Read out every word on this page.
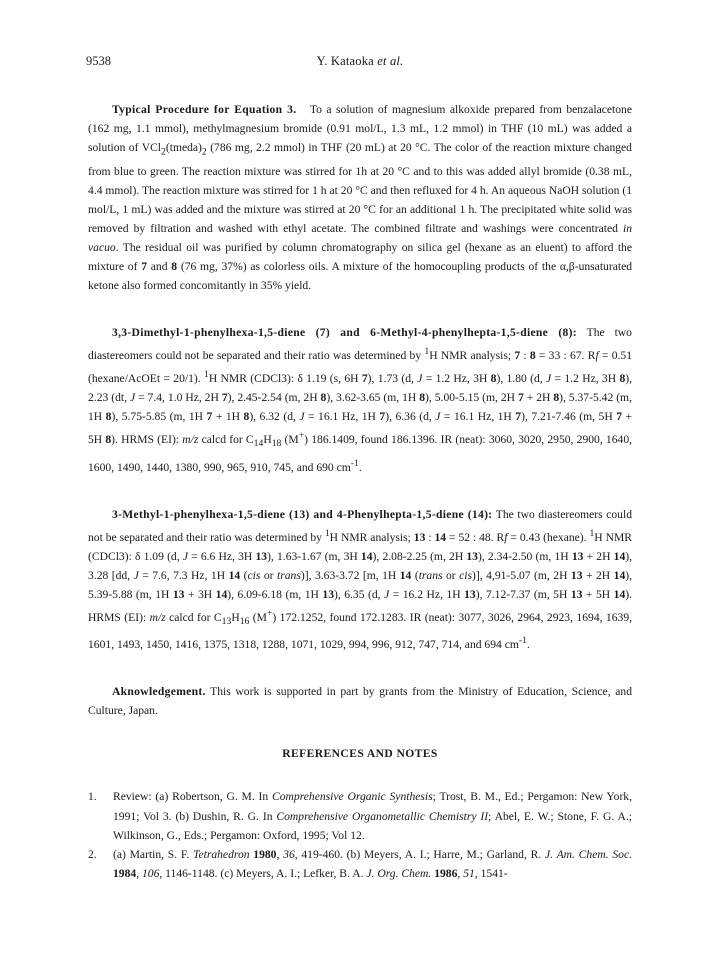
9538	Y. Kataoka et al.

Typical Procedure for Equation 3. To a solution of magnesium alkoxide prepared from benzalacetone (162 mg, 1.1 mmol), methylmagnesium bromide (0.91 mol/L, 1.3 mL, 1.2 mmol) in THF (10 mL) was added a solution of $VCl_2(tmeda)_2$ (786 mg, 2.2 mmol) in THF (20 mL) at 20 °C. The color of the reaction mixture changed from blue to green. The reaction mixture was stirred for 1h at 20 °C and to this was added allyl bromide (0.38 mL, 4.4 mmol). The reaction mixture was stirred for 1 h at 20 °C and then refluxed for 4 h. An aqueous NaOH solution (1 mol/L, 1 mL) was added and the mixture was stirred at 20 °C for an additional 1 h. The precipitated white solid was removed by filtration and washed with ethyl acetate. The combined filtrate and washings were concentrated in vacuo. The residual oil was purified by column chromatography on silica gel (hexane as an eluent) to afford the mixture of 7 and 8 (76 mg, 37%) as colorless oils. A mixture of the homocoupling products of the α,β-unsaturated ketone also formed concomitantly in 35% yield.

3,3-Dimethyl-1-phenylhexa-1,5-diene (7) and 6-Methyl-4-phenylhepta-1,5-diene (8): The two diastereomers could not be separated and their ratio was determined by $^1$H NMR analysis; 7 : 8 = 33 : 67. Rf = 0.51 (hexane/AcOEt = 20/1). $^1$H NMR (CDCl3): δ 1.19 (s, 6H 7), 1.73 (d, J = 1.2 Hz, 3H 8), 1.80 (d, J = 1.2 Hz, 3H 8), 2.23 (dt, J = 7.4, 1.0 Hz, 2H 7), 2.45-2.54 (m, 2H 8), 3.62-3.65 (m, 1H 8), 5.00-5.15 (m, 2H 7 + 2H 8), 5.37-5.42 (m, 1H 8), 5.75-5.85 (m, 1H 7 + 1H 8), 6.32 (d, J = 16.1 Hz, 1H 7), 6.36 (d, J = 16.1 Hz, 1H 7), 7.21-7.46 (m, 5H 7 + 5H 8). HRMS (EI): m/z calcd for $C_{14}H_{18}$ (M+) 186.1409, found 186.1396. IR (neat): 3060, 3020, 2950, 2900, 1640, 1600, 1490, 1440, 1380, 990, 965, 910, 745, and 690 $cm^{-1}$.

3-Methyl-1-phenylhexa-1,5-diene (13) and 4-Phenylhepta-1,5-diene (14): The two diastereomers could not be separated and their ratio was determined by $^1$H NMR analysis; 13 : 14 = 52 : 48. Rf = 0.43 (hexane). $^1$H NMR (CDCl3): δ 1.09 (d, J = 6.6 Hz, 3H 13), 1.63-1.67 (m, 3H 14), 2.08-2.25 (m, 2H 13), 2.34-2.50 (m, 1H 13 + 2H 14), 3.28 [dd, J = 7.6, 7.3 Hz, 1H 14 (cis or trans)], 3.63-3.72 [m, 1H 14 (trans or cis)], 4,91-5.07 (m, 2H 13 + 2H 14), 5.39-5.88 (m, 1H 13 + 3H 14), 6.09-6.18 (m, 1H 13), 6.35 (d, J = 16.2 Hz, 1H 13), 7.12-7.37 (m, 5H 13 + 5H 14). HRMS (EI): m/z calcd for $C_{13}H_{16}$ (M+) 172.1252, found 172.1283. IR (neat): 3077, 3026, 2964, 2923, 1694, 1639, 1601, 1493, 1450, 1416, 1375, 1318, 1288, 1071, 1029, 994, 996, 912, 747, 714, and 694 $cm^{-1}$.

Aknowledgement. This work is supported in part by grants from the Ministry of Education, Science, and Culture, Japan.

REFERENCES AND NOTES

1 . Review: (a) Robertson, G. M. In Comprehensive Organic Synthesis; Trost, B. M., Ed.; Pergamon: New York, 1991; Vol 3. (b) Dushin, R. G. In Comprehensive Organometallic Chemistry II; Abel, E. W.; Stone, F. G. A.; Wilkinson, G., Eds.; Pergamon: Oxford, 1995; Vol 12.
2 . (a) Martin, S. F. Tetrahedron 1980, 36, 419-460. (b) Meyers, A. I.; Harre, M.; Garland, R. J. Am. Chem. Soc. 1984, 106, 1146-1148. (c) Meyers, A. I.; Lefker, B. A. J. Org. Chem. 1986, 51, 1541-
